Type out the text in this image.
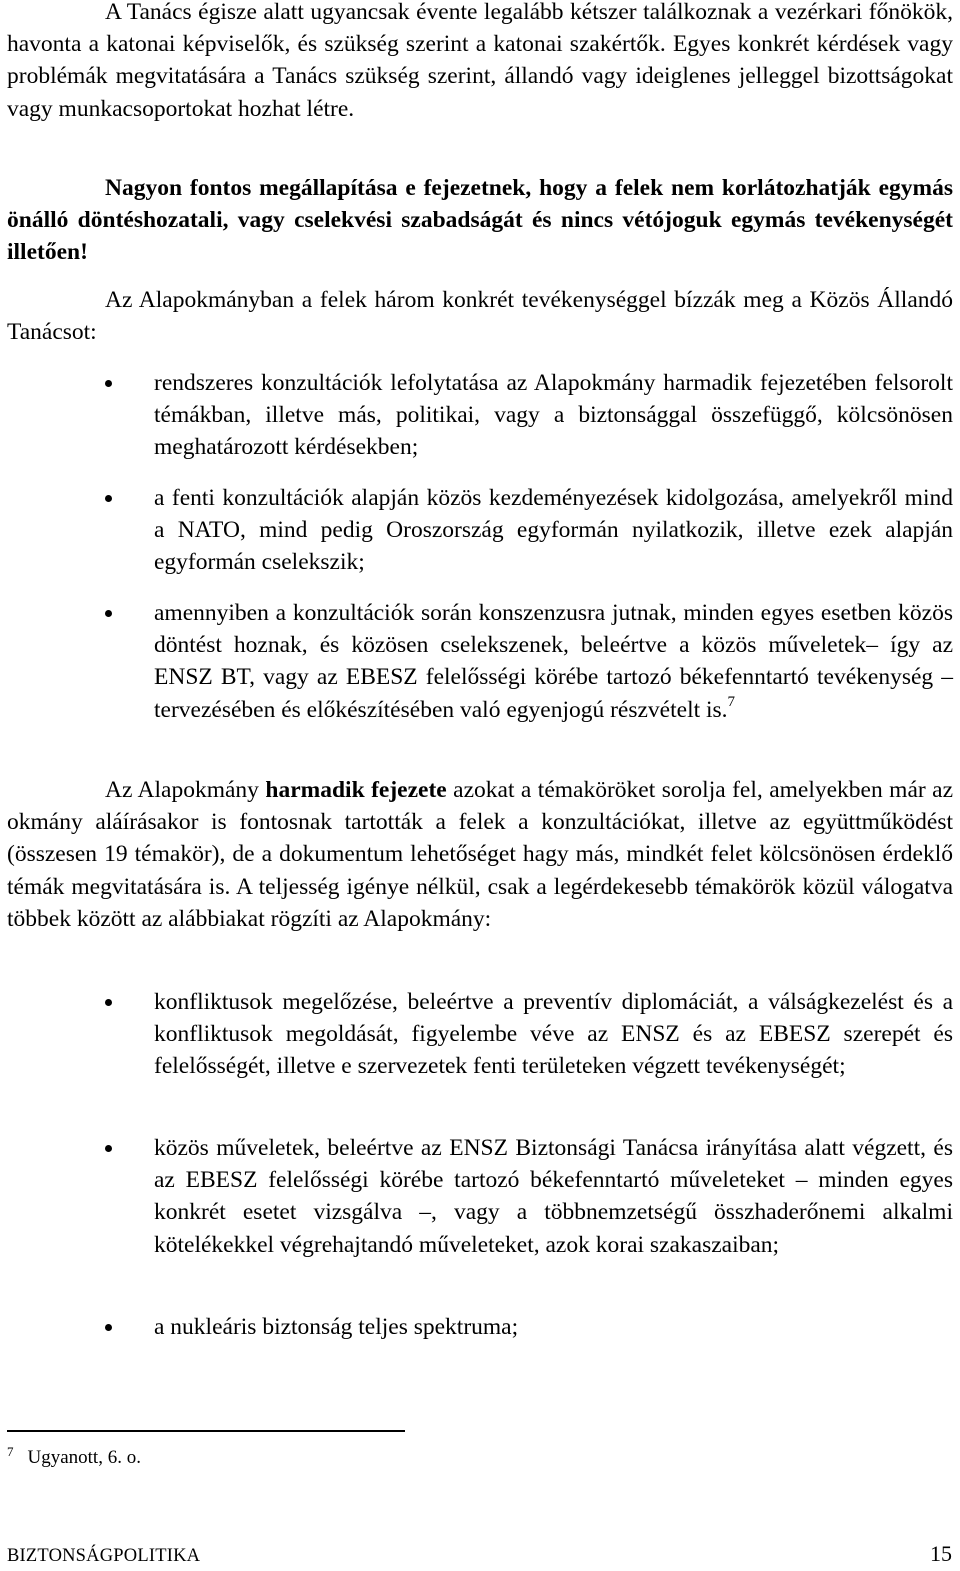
A Tanács égisze alatt ugyancsak évente legalább kétszer találkoznak a vezérkari főnökök, havonta a katonai képviselők, és szükség szerint a katonai szakértők. Egyes konkrét kérdések vagy problémák megvitatására a Tanács szükség szerint, állandó vagy ideiglenes jelleggel bizottságokat vagy munkacsoportokat hozhat létre.

Nagyon fontos megállapítása e fejezetnek, hogy a felek nem korlátozhatják egymás önálló döntéshozatali, vagy cselekvési szabadságát és nincs vétójoguk egymás tevékenységét illetően!

Az Alapokmányban a felek három konkrét tevékenységgel bízzák meg a Közös Állandó Tanácsot:

rendszeres konzultációk lefolytatása az Alapokmány harmadik fejezetében felsorolt témákban, illetve más, politikai, vagy a biztonsággal összefüggő, kölcsönösen meghatározott kérdésekben;
a fenti konzultációk alapján közös kezdeményezések kidolgozása, amelyekről mind a NATO, mind pedig Oroszország egyformán nyilatkozik, illetve ezek alapján egyformán cselekszik;
amennyiben a konzultációk során konszenzusra jutnak, minden egyes esetben közös döntést hoznak, és közösen cselekszenek, beleértve a közös műveletek– így az ENSZ BT, vagy az EBESZ felelősségi körébe tartozó békefenntartó tevékenység – tervezésében és előkészítésében való egyenjogú részvételt is.$^7$

Az Alapokmány harmadik fejezete azokat a témaköröket sorolja fel, amelyekben már az okmány aláírásakor is fontosnak tartották a felek a konzultációkat, illetve az együttműködést (összesen 19 témakör), de a dokumentum lehetőséget hagy más, mindkét felet kölcsönösen érdeklő témák megvitatására is. A teljesség igénye nélkül, csak a legérdekesebb témakörök közül válogatva többek között az alábbiakat rögzíti az Alapokmány:

konfliktusok megelőzése, beleértve a preventív diplomáciát, a válságkezelést és a konfliktusok megoldását, figyelembe véve az ENSZ és az EBESZ szerepét és felelősségét, illetve e szervezetek fenti területeken végzett tevékenységét;
közös műveletek, beleértve az ENSZ Biztonsági Tanácsa irányítása alatt végzett, és az EBESZ felelősségi körébe tartozó békefenntartó műveleteket – minden egyes konkrét esetet vizsgálva –, vagy a többnemzetségű összhaderőnemi alkalmi kötelékekkel végrehajtandó műveleteket, azok korai szakaszaiban;
a nukleáris biztonság teljes spektruma;
$^7$ Ugyanott, 6. o.
BIZTONSÁGPOLITIKA	15
